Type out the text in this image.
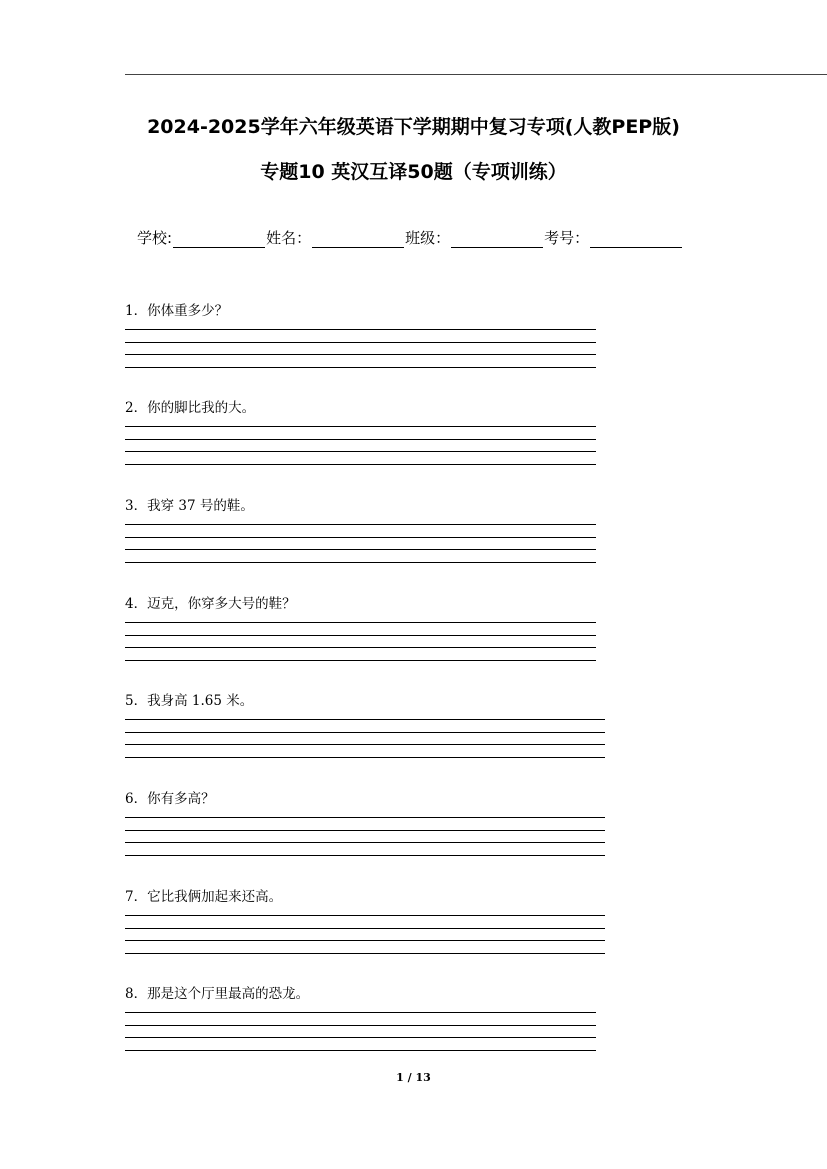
2024-2025学年六年级英语下学期期中复习专项(人教PEP版)
专题10 英汉互译50题（专项训练）
学校:	姓名：	班级：	考号：
1．你体重多少？
2．你的脚比我的大。
3．我穿 37 号的鞋。
4．迈克，你穿多大号的鞋？
5．我身高 1.65 米。
6．你有多高？
7．它比我俩加起来还高。
8．那是这个厅里最高的恐龙。
1 / 13
